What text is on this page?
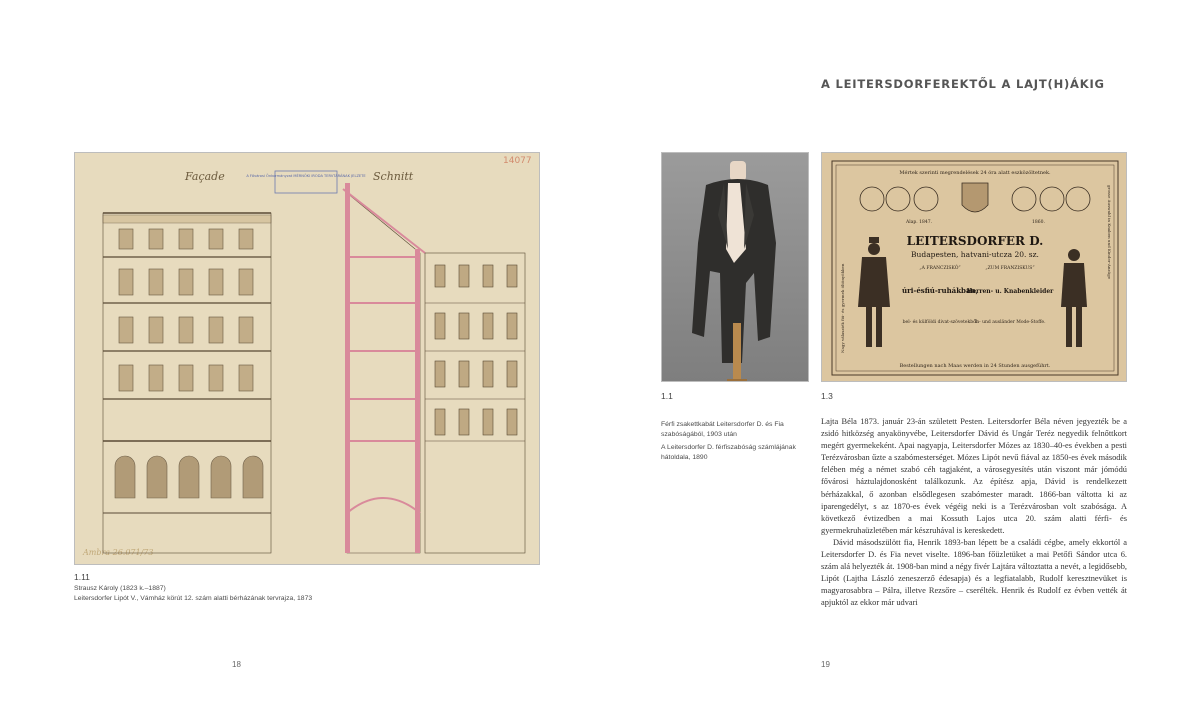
A LEITERSDORFEREKTŐL A LAJT(H)ÁKIG
A Fővárosi Önkormányzat MÉRNÖKI IRODA TERVTÁRÁNAK JELZETE
Façade	Schnitt
14077
Ambra 26.071/73
1.11
Strausz Károly (1823 k.–1887)
Leitersdorfer Lipót V., Vámház körút 12. szám alatti bérházának tervrajza, 1873
1.1
Mértek szerinti megrendelések 24 óra alatt eszközöltetnek.
Alap. 1847.	1860.
LEITERSDORFER D.
Budapesten, hatvani-utcza 20. sz.
„A FRANCZISKÓ”	„ZUM FRANZISKUS”
úri-ésfiú-ruhákban,
Herren- u. Knabenkleider
bel- és külföldi divat-szövetekből
In- und ausländer Mode-Stoffe.
Bestellungen nach Maas werden in 24 Stunden ausgeführt.
Nagy választék fiú- és gyermek öltönyökben
grosse Auswahl in Knaben und Kinder-Anzüge
1.3
Férfi zsakettkabát Leitersdorfer D. és Fia szabóságából, 1903 után
A Leitersdorfer D. férfiszabóság számlájának hátoldala, 1890

Lajta Béla 1873. január 23-án született Pesten. Leitersdorfer Béla néven jegyezték be a zsidó hitközség anyakönyvébe, Leitersdorfer Dávid és Ungár Teréz negyedik felnőttkort megért gyermekeként. Apai nagyapja, Leitersdorfer Mózes az 1830–40-es években a pesti Terézvárosban űzte a szabómesterséget. Mózes Lipót nevű fiával az 1850-es évek második felében még a német szabó céh tagjaként, a városegyesítés után viszont már jómódú fővárosi háztulajdonosként találkozunk. Az építész apja, Dávid is rendelkezett bérházakkal, ő azonban elsődlegesen szabómester maradt. 1866-ban váltotta ki az iparengedélyt, s az 1870-es évek végéig neki is a Terézvárosban volt szabósága. A következő évtizedben a mai Kossuth Lajos utca 20. szám alatti férfi- és gyermekruhaüzletében már készruhával is kereskedett.

Dávid másodszülött fia, Henrik 1893-ban lépett be a családi cégbe, amely ekkortól a Leitersdorfer D. és Fia nevet viselte. 1896-ban főüzletüket a mai Petőfi Sándor utca 6. szám alá helyezték át. 1908-ban mind a négy fivér Lajtára változtatta a nevét, a legidősebb, Lipót (Lajtha László zeneszerző édesapja) és a legfiatalabb, Rudolf keresztnevüket is magyarosabbra – Pálra, illetve Rezsőre – cserélték. Henrik és Rudolf ez évben vették át apjuktól az ekkor már udvari

18	19
